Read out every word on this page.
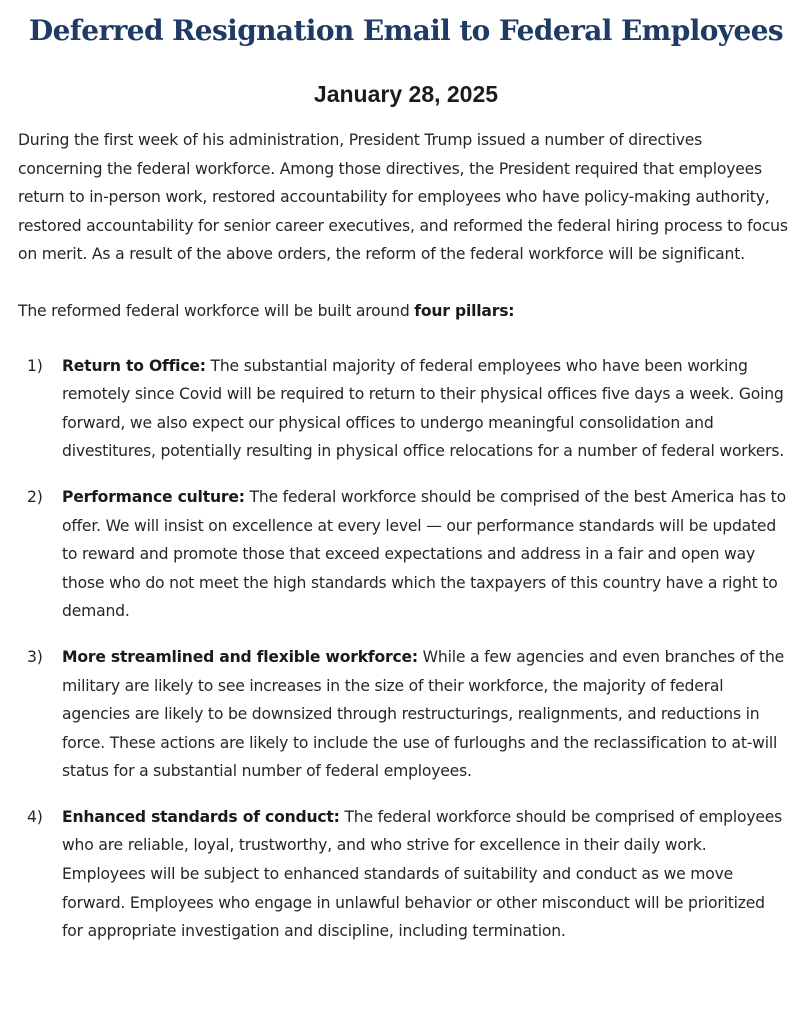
Deferred Resignation Email to Federal Employees
January 28, 2025

During the first week of his administration, President Trump issued a number of directives concerning the federal workforce. Among those directives, the President required that employees return to in-person work, restored accountability for employees who have policy-making authority, restored accountability for senior career executives, and reformed the federal hiring process to focus on merit. As a result of the above orders, the reform of the federal workforce will be significant.

The reformed federal workforce will be built around four pillars:

1) Return to Office: The substantial majority of federal employees who have been working remotely since Covid will be required to return to their physical offices five days a week. Going forward, we also expect our physical offices to undergo meaningful consolidation and divestitures, potentially resulting in physical office relocations for a number of federal workers.
2) Performance culture: The federal workforce should be comprised of the best America has to offer. We will insist on excellence at every level — our performance standards will be updated to reward and promote those that exceed expectations and address in a fair and open way those who do not meet the high standards which the taxpayers of this country have a right to demand.
3) More streamlined and flexible workforce: While a few agencies and even branches of the military are likely to see increases in the size of their workforce, the majority of federal agencies are likely to be downsized through restructurings, realignments, and reductions in force. These actions are likely to include the use of furloughs and the reclassification to at-will status for a substantial number of federal employees.
4) Enhanced standards of conduct: The federal workforce should be comprised of employees who are reliable, loyal, trustworthy, and who strive for excellence in their daily work. Employees will be subject to enhanced standards of suitability and conduct as we move forward. Employees who engage in unlawful behavior or other misconduct will be prioritized for appropriate investigation and discipline, including termination.
